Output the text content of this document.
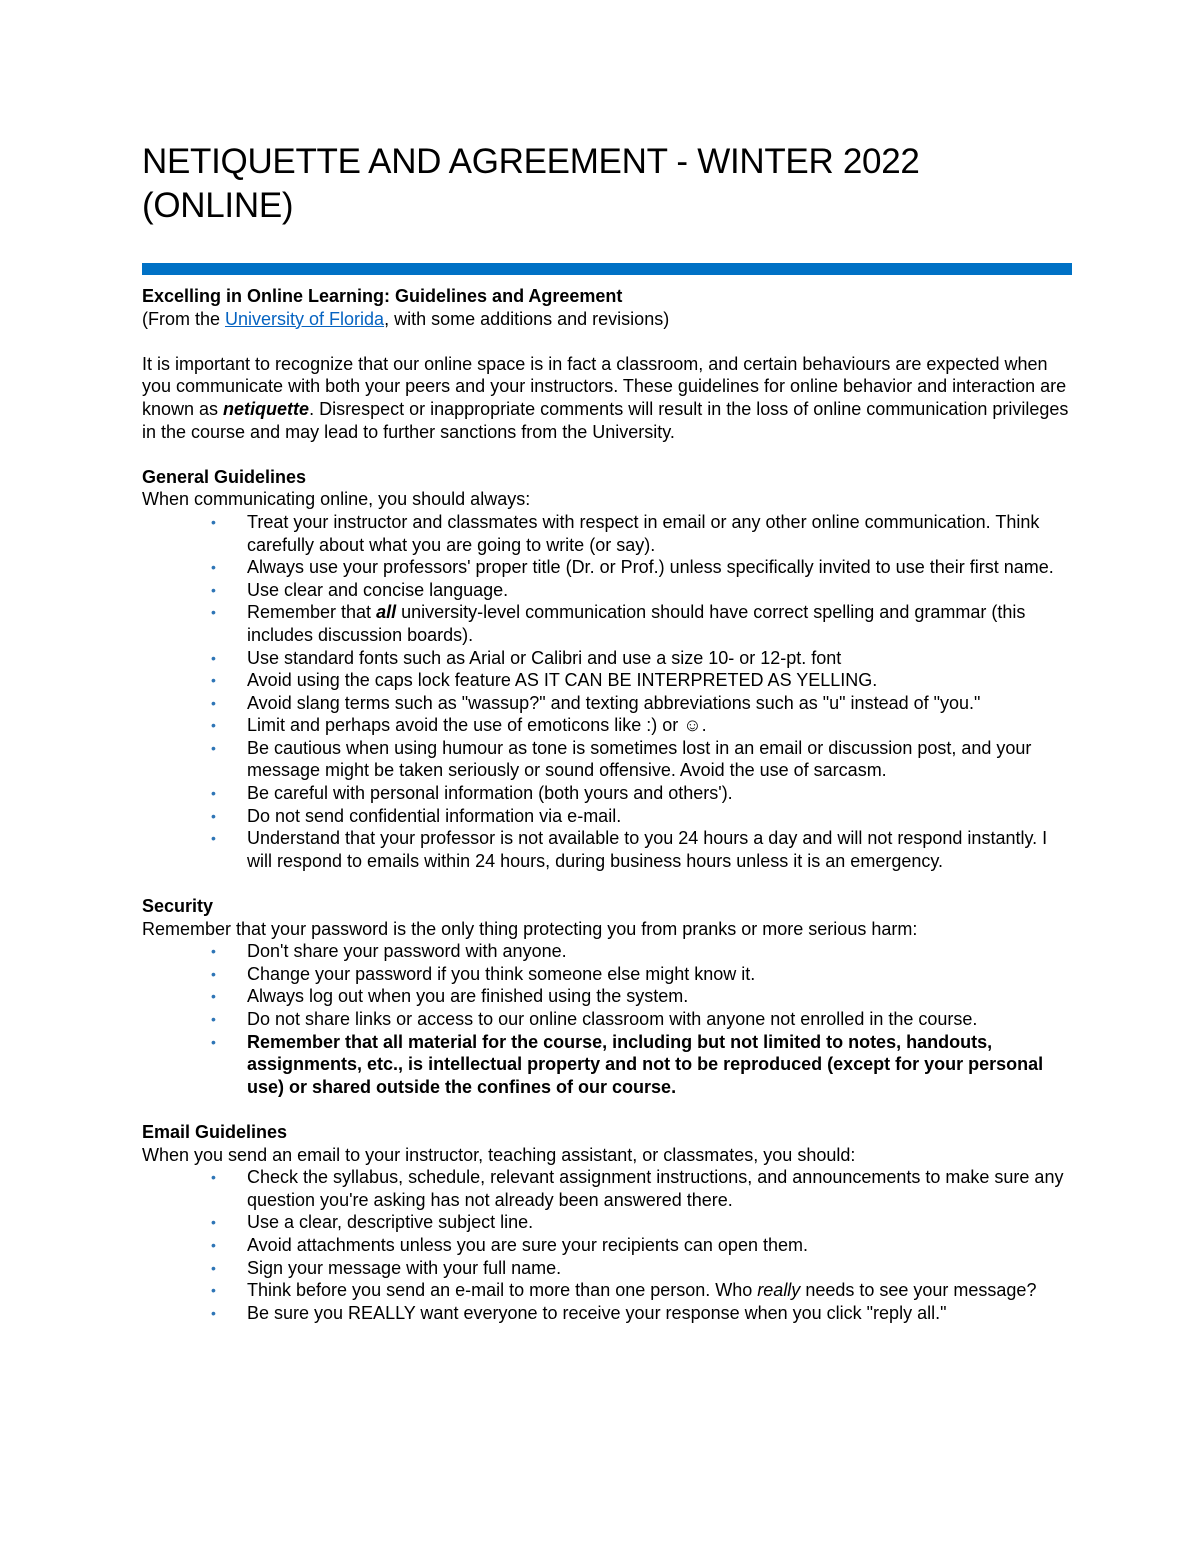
NETIQUETTE AND AGREEMENT - WINTER 2022 (ONLINE)

Excelling in Online Learning: Guidelines and Agreement

(From the University of Florida, with some additions and revisions)

It is important to recognize that our online space is in fact a classroom, and certain behaviours are expected when you communicate with both your peers and your instructors. These guidelines for online behavior and interaction are known as netiquette. Disrespect or inappropriate comments will result in the loss of online communication privileges in the course and may lead to further sanctions from the University.

General Guidelines

When communicating online, you should always:

• Treat your instructor and classmates with respect in email or any other online communication. Think carefully about what you are going to write (or say).
• Always use your professors' proper title (Dr. or Prof.) unless specifically invited to use their first name.
• Use clear and concise language.
• Remember that all university-level communication should have correct spelling and grammar (this includes discussion boards).
• Use standard fonts such as Arial or Calibri and use a size 10- or 12-pt. font
• Avoid using the caps lock feature AS IT CAN BE INTERPRETED AS YELLING.
• Avoid slang terms such as "wassup?" and texting abbreviations such as "u" instead of "you."
• Limit and perhaps avoid the use of emoticons like :) or ☺.
• Be cautious when using humour as tone is sometimes lost in an email or discussion post, and your message might be taken seriously or sound offensive. Avoid the use of sarcasm.
• Be careful with personal information (both yours and others').
• Do not send confidential information via e-mail.
• Understand that your professor is not available to you 24 hours a day and will not respond instantly. I will respond to emails within 24 hours, during business hours unless it is an emergency.

Security

Remember that your password is the only thing protecting you from pranks or more serious harm:

• Don't share your password with anyone.
• Change your password if you think someone else might know it.
• Always log out when you are finished using the system.
• Do not share links or access to our online classroom with anyone not enrolled in the course.
• Remember that all material for the course, including but not limited to notes, handouts, assignments, etc., is intellectual property and not to be reproduced (except for your personal use) or shared outside the confines of our course.

Email Guidelines

When you send an email to your instructor, teaching assistant, or classmates, you should:

• Check the syllabus, schedule, relevant assignment instructions, and announcements to make sure any question you're asking has not already been answered there.
• Use a clear, descriptive subject line.
• Avoid attachments unless you are sure your recipients can open them.
• Sign your message with your full name.
• Think before you send an e-mail to more than one person. Who really needs to see your message?
• Be sure you REALLY want everyone to receive your response when you click "reply all."
